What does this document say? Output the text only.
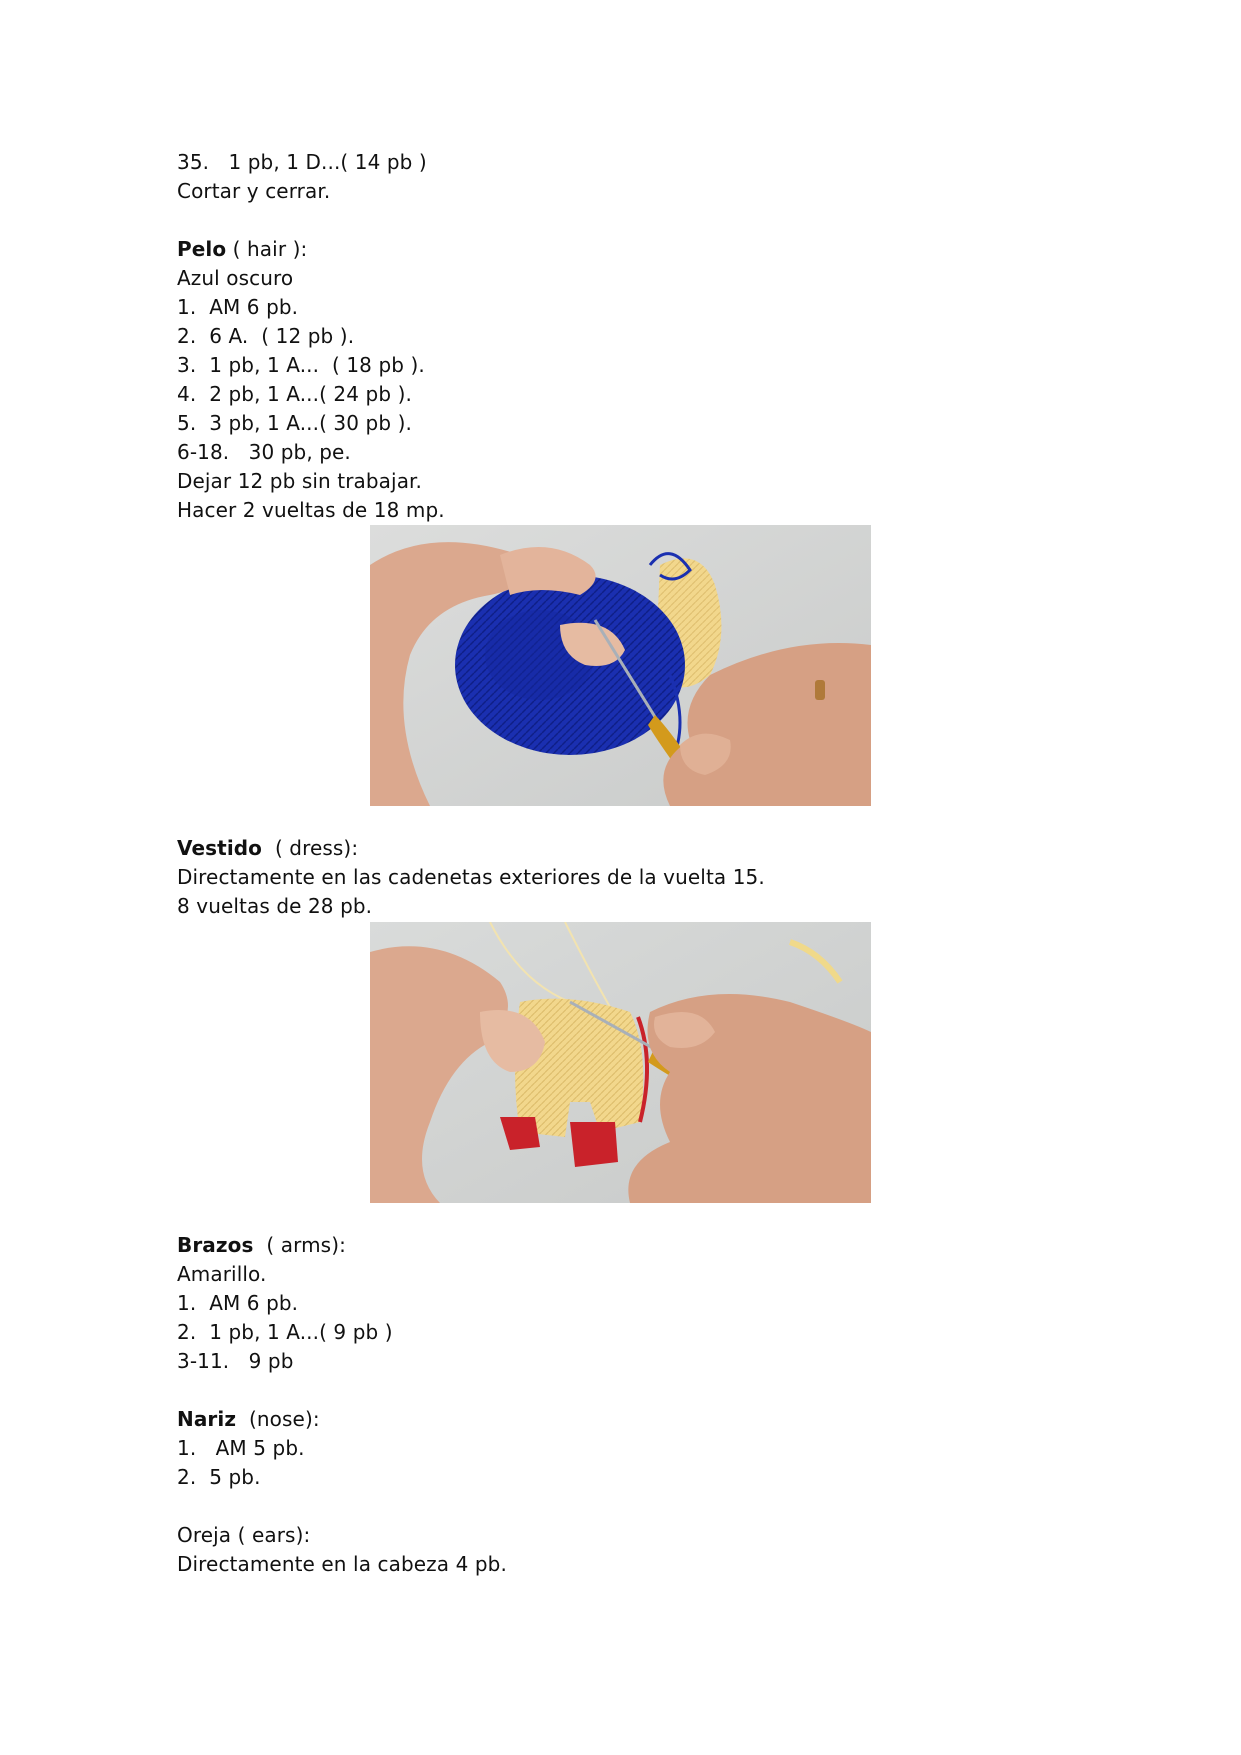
35.   1 pb, 1 D...( 14 pb )
Cortar y cerrar.
Pelo ( hair ):
Azul oscuro
1.  AM 6 pb.
2.  6 A.  ( 12 pb ).
3.  1 pb, 1 A...  ( 18 pb ).
4.  2 pb, 1 A...( 24 pb ).
5.  3 pb, 1 A...( 30 pb ).
6-18.   30 pb, pe.
Dejar 12 pb sin trabajar.
Hacer 2 vueltas de 18 mp.
Vestido  ( dress):
Directamente en las cadenetas exteriores de la vuelta 15.
8 vueltas de 28 pb.
Brazos  ( arms):
Amarillo.
1.  AM 6 pb.
2.  1 pb, 1 A...( 9 pb )
3-11.   9 pb
Nariz  (nose):
1.   AM 5 pb.
2.  5 pb.
Oreja ( ears):
Directamente en la cabeza 4 pb.
